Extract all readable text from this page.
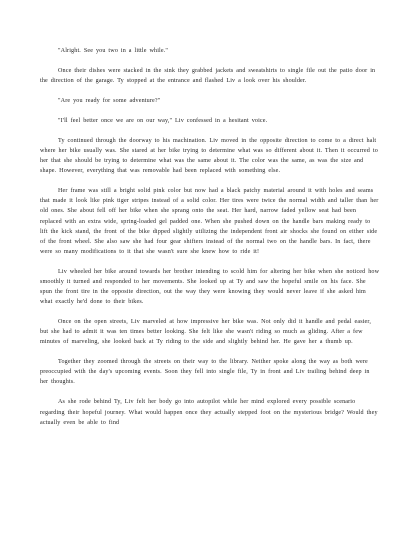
"Alright. See you two in a little while."

Once their dishes were stacked in the sink they grabbed jackets and sweatshirts to single file out the patio door in the direction of the garage. Ty stopped at the entrance and flashed Liv a look over his shoulder.

"Are you ready for some adventure?"

"I'll feel better once we are on our way," Liv confessed in a hesitant voice.

Ty continued through the doorway to his machination. Liv moved in the opposite direction to come to a direct halt where her bike usually was. She stared at her bike trying to determine what was so different about it. Then it occurred to her that she should be trying to determine what was the same about it. The color was the same, as was the size and shape. However, everything that was removable had been replaced with something else.

Her frame was still a bright solid pink color but now had a black patchy material around it with holes and seams that made it look like pink tiger stripes instead of a solid color. Her tires were twice the normal width and taller than her old ones. She about fell off her bike when she sprang onto the seat. Her hard, narrow faded yellow seat had been replaced with an extra wide, spring-loaded gel padded one. When she pushed down on the handle bars making ready to lift the kick stand, the front of the bike dipped slightly utilizing the independent front air shocks she found on either side of the front wheel. She also saw she had four gear shifters instead of the normal two on the handle bars. In fact, there were so many modifications to it that she wasn't sure she knew how to ride it!

Liv wheeled her bike around towards her brother intending to scold him for altering her bike when she noticed how smoothly it turned and responded to her movements. She looked up at Ty and saw the hopeful smile on his face. She spun the front tire in the opposite direction, out the way they were knowing they would never leave if she asked him what exactly he'd done to their bikes.

Once on the open streets, Liv marveled at how impressive her bike was. Not only did it handle and pedal easier, but she had to admit it was ten times better looking. She felt like she wasn't riding so much as gliding. After a few minutes of marveling, she looked back at Ty riding to the side and slightly behind her. He gave her a thumb up.

Together they zoomed through the streets on their way to the library. Neither spoke along the way as both were preoccupied with the day's upcoming events. Soon they fell into single file, Ty in front and Liv trailing behind deep in her thoughts.

As she rode behind Ty, Liv felt her body go into autopilot while her mind explored every possible scenario regarding their hopeful journey. What would happen once they actually stepped foot on the mysterious bridge? Would they actually even be able to find
